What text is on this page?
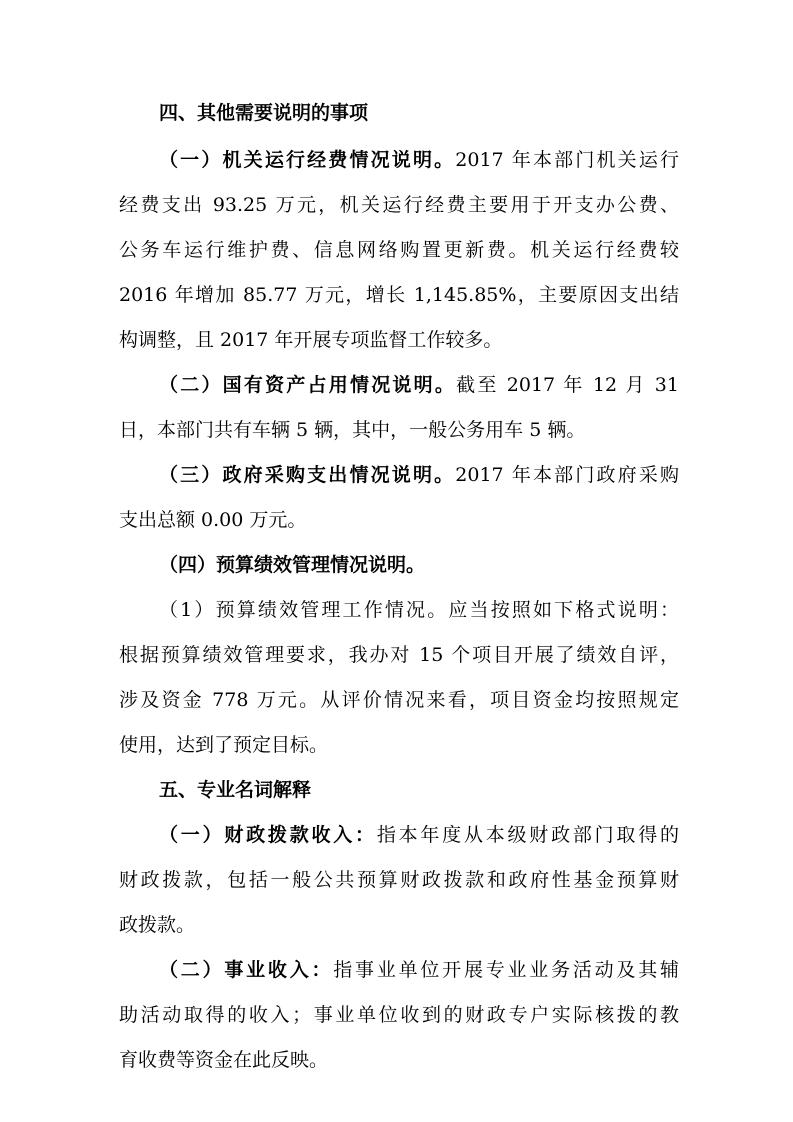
四、其他需要说明的事项
（一）机关运行经费情况说明。2017 年本部门机关运行
经费支出 93.25 万元，机关运行经费主要用于开支办公费、
公务车运行维护费、信息网络购置更新费。机关运行经费较
2016 年增加 85.77 万元，增长 1,145.85%，主要原因支出结
构调整，且 2017 年开展专项监督工作较多。
（二）国有资产占用情况说明。截至 2017 年 12 月 31
日，本部门共有车辆 5 辆，其中，一般公务用车 5 辆。
（三）政府采购支出情况说明。2017 年本部门政府采购
支出总额 0.00 万元。
（四）预算绩效管理情况说明。
（1）预算绩效管理工作情况。应当按照如下格式说明：
根据预算绩效管理要求，我办对 15 个项目开展了绩效自评，
涉及资金 778 万元。从评价情况来看，项目资金均按照规定
使用，达到了预定目标。
五、专业名词解释
（一）财政拨款收入：指本年度从本级财政部门取得的
财政拨款，包括一般公共预算财政拨款和政府性基金预算财
政拨款。
（二）事业收入：指事业单位开展专业业务活动及其辅
助活动取得的收入；事业单位收到的财政专户实际核拨的教
育收费等资金在此反映。
